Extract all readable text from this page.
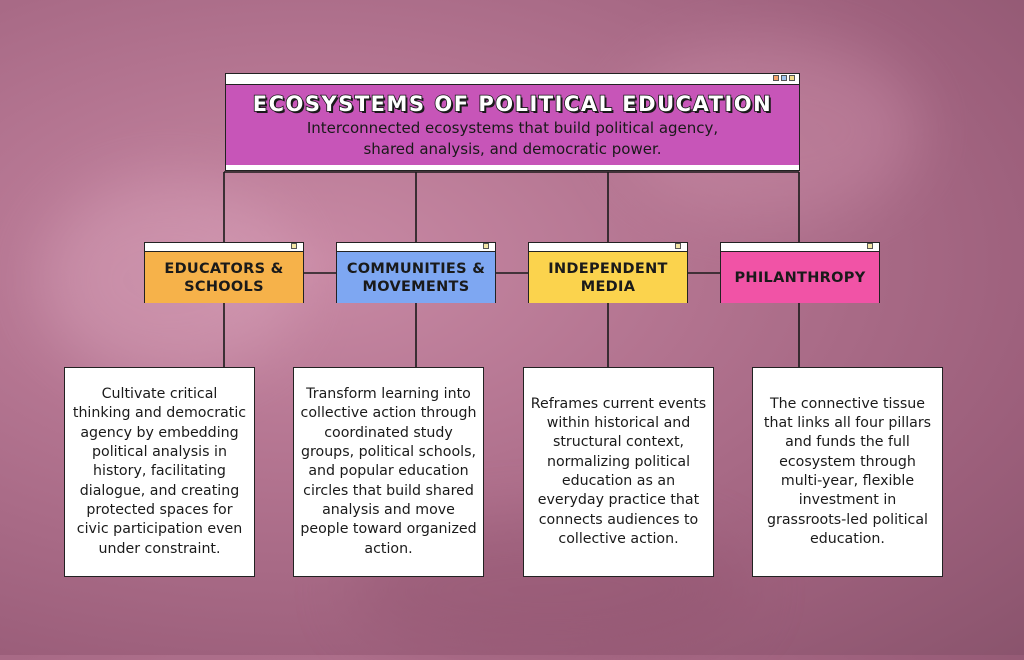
ECOSYSTEMS OF POLITICAL EDUCATION
Interconnected ecosystems that build political agency,
shared analysis, and democratic power.
EDUCATORS &
SCHOOLS
COMMUNITIES &
MOVEMENTS
INDEPENDENT
MEDIA
PHILANTHROPY
Cultivate critical thinking and democratic agency by embedding political analysis in history, facilitating dialogue, and creating protected spaces for civic participation even under constraint.
Transform learning into collective action through coordinated study groups, political schools, and popular education circles that build shared analysis and move people toward organized action.
Reframes current events within historical and structural context, normalizing political education as an everyday practice that connects audiences to collective action.
The connective tissue that links all four pillars and funds the full ecosystem through multi-year, flexible investment in grassroots-led political education.
